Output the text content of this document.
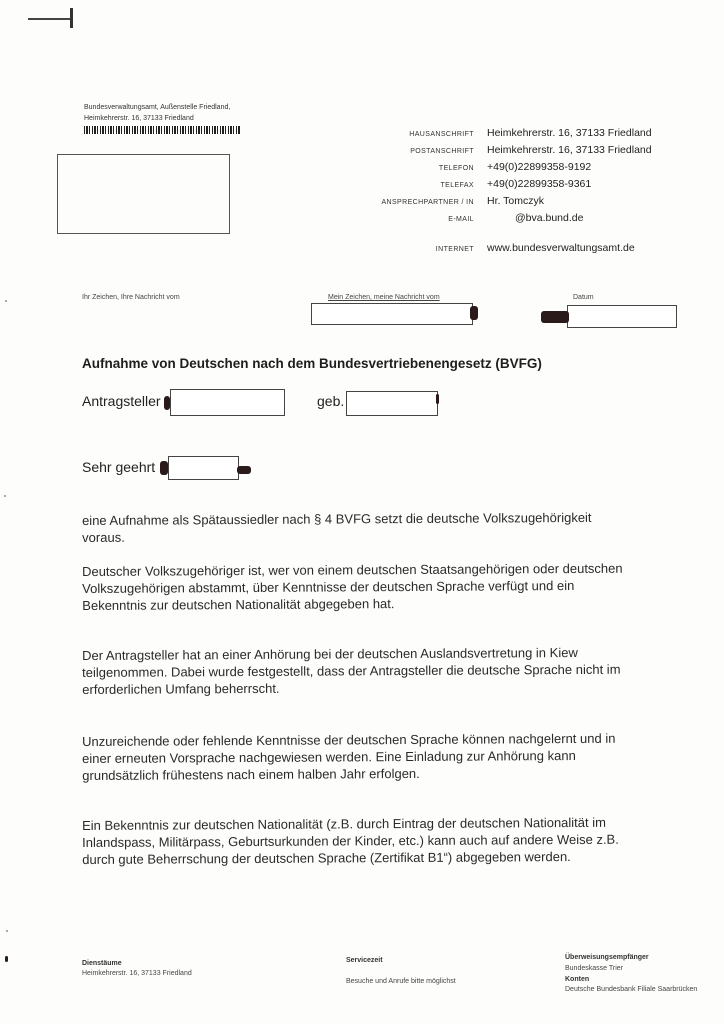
Bundesverwaltungsamt, Außenstelle Friedland,
Heimkehrerstr. 16, 37133 Friedland
HAUSANSCHRIFT Heimkehrerstr. 16, 37133 Friedland
POSTANSCHRIFT Heimkehrerstr. 16, 37133 Friedland
TELEFON +49(0)22899358-9192
TELEFAX +49(0)22899358-9361
ANSPRECHPARTNER / IN Hr. Tomczyk
E-MAIL	@bva.bund.de
INTERNET www.bundesverwaltungsamt.de
Ihr Zeichen, Ihre Nachricht vom	Mein Zeichen, meine Nachricht vom	Datum
Aufnahme von Deutschen nach dem Bundesvertriebenengesetz (BVFG)
Antragsteller	geb.
Sehr geehrt
eine Aufnahme als Spätaussiedler nach § 4 BVFG setzt die deutsche Volkszugehörigkeit
voraus.
Deutscher Volkszugehöriger ist, wer von einem deutschen Staatsangehörigen oder deutschen
Volkszugehörigen abstammt, über Kenntnisse der deutschen Sprache verfügt und ein
Bekenntnis zur deutschen Nationalität abgegeben hat.
Der Antragsteller hat an einer Anhörung bei der deutschen Auslandsvertretung in Kiew
teilgenommen. Dabei wurde festgestellt, dass der Antragsteller die deutsche Sprache nicht im
erforderlichen Umfang beherrscht.
Unzureichende oder fehlende Kenntnisse der deutschen Sprache können nachgelernt und in
einer erneuten Vorsprache nachgewiesen werden. Eine Einladung zur Anhörung kann
grundsätzlich frühestens nach einem halben Jahr erfolgen.
Ein Bekenntnis zur deutschen Nationalität (z.B. durch Eintrag der deutschen Nationalität im
Inlandspass, Militärpass, Geburtsurkunden der Kinder, etc.) kann auch auf andere Weise z.B.
durch gute Beherrschung der deutschen Sprache (Zertifikat B1“) abgegeben werden.
Dienstäume
Heimkehrerstr. 16, 37133 Friedland
Servicezeit
Besuche und Anrufe bitte möglichst
Überweisungsempfänger
Bundeskasse Trier
Konten
Deutsche Bundesbank Filiale Saarbrücken
